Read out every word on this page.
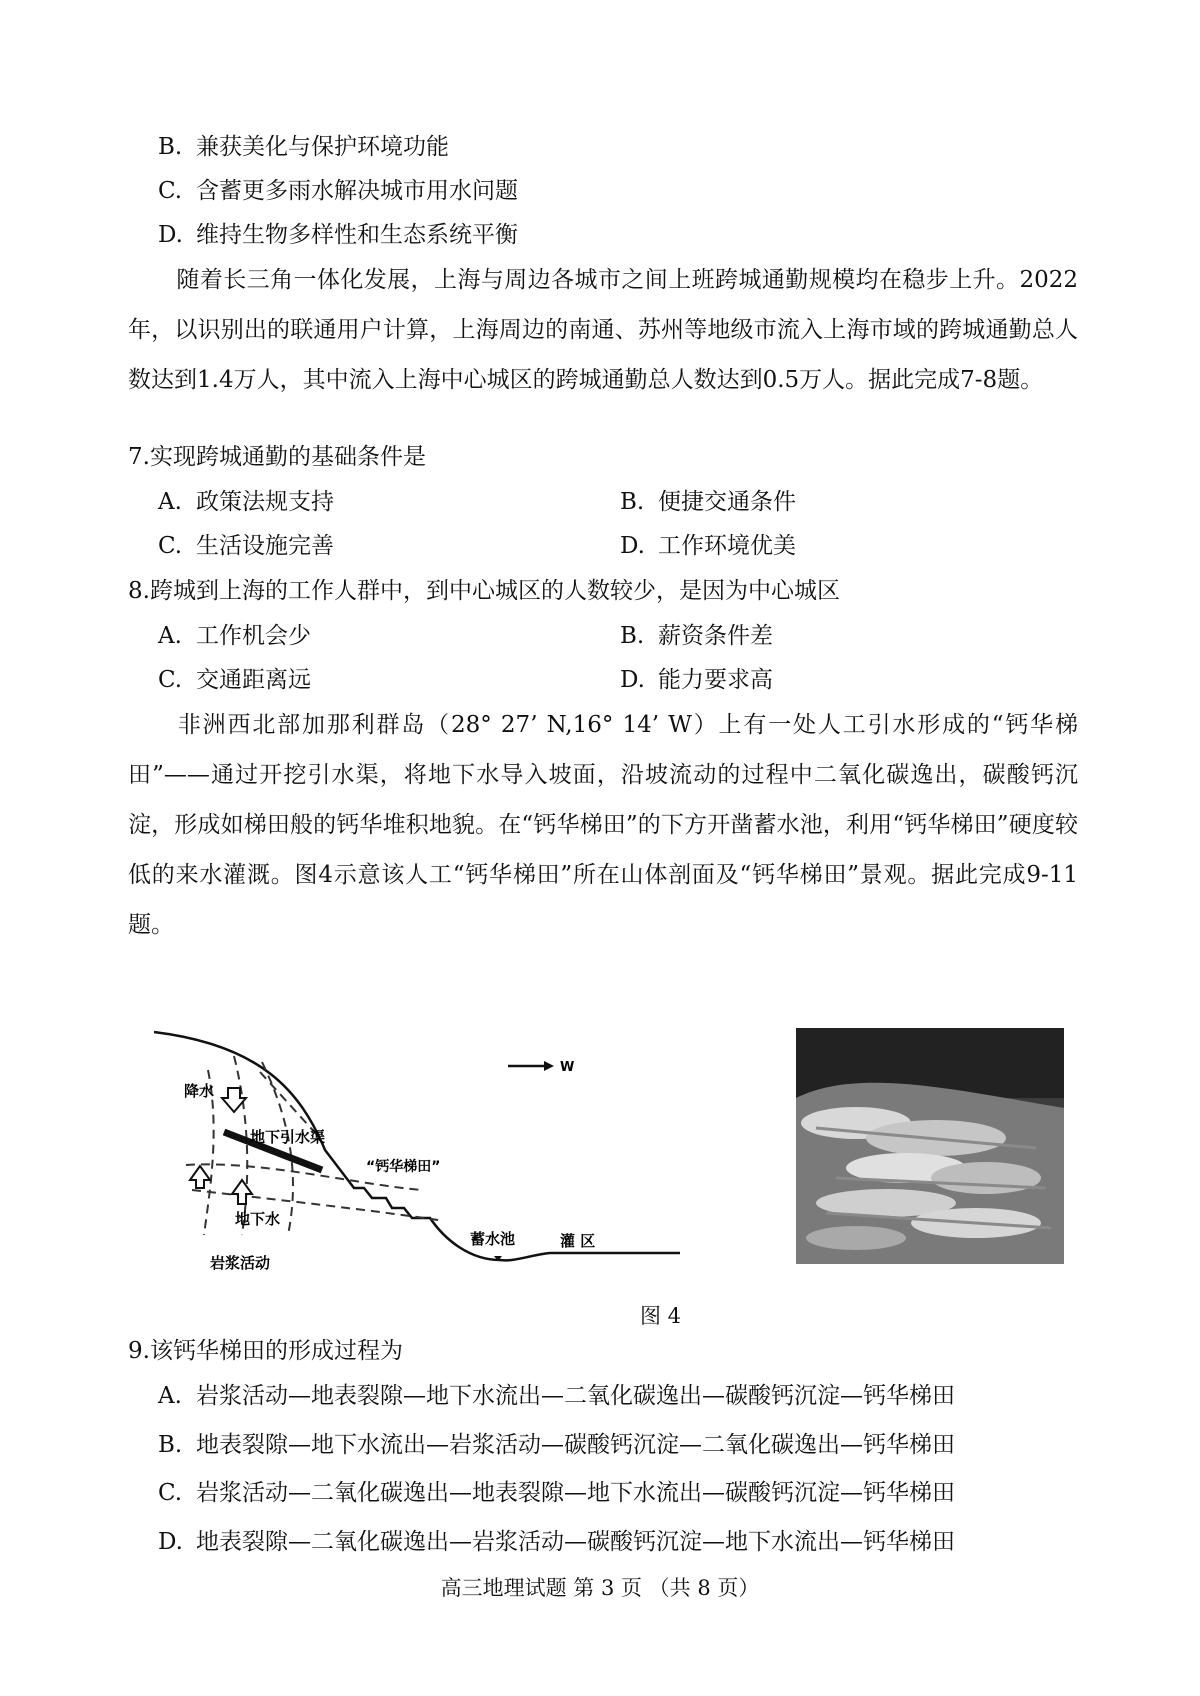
B. 兼获美化与保护环境功能
C. 含蓄更多雨水解决城市用水问题
D. 维持生物多样性和生态系统平衡
随着长三角一体化发展，上海与周边各城市之间上班跨城通勤规模均在稳步上升。2022 年，以识别出的联通用户计算，上海周边的南通、苏州等地级市流入上海市域的跨城通勤总人数达到1.4万人，其中流入上海中心城区的跨城通勤总人数达到0.5万人。据此完成7-8题。
7.实现跨城通勤的基础条件是
A. 政策法规支持	B. 便捷交通条件
C. 生活设施完善	D. 工作环境优美
8.跨城到上海的工作人群中，到中心城区的人数较少，是因为中心城区
A. 工作机会少	B. 薪资条件差
C. 交通距离远	D. 能力要求高
非洲西北部加那利群岛（28° 27’ N,16° 14’ W）上有一处人工引水形成的“钙华梯田”——通过开挖引水渠，将地下水导入坡面，沿坡流动的过程中二氧化碳逸出，碳酸钙沉淀，形成如梯田般的钙华堆积地貌。在“钙华梯田”的下方开凿蓄水池，利用“钙华梯田”硬度较低的来水灌溉。图4示意该人工“钙华梯田”所在山体剖面及“钙华梯田”景观。据此完成9-11题。
W
降水
地下引水渠
“钙华梯田”
地下水
岩浆活动
蓄水池	灌 区
图 4
9.该钙华梯田的形成过程为
A. 岩浆活动—地表裂隙—地下水流出—二氧化碳逸出—碳酸钙沉淀—钙华梯田
B. 地表裂隙—地下水流出—岩浆活动—碳酸钙沉淀—二氧化碳逸出—钙华梯田
C. 岩浆活动—二氧化碳逸出—地表裂隙—地下水流出—碳酸钙沉淀—钙华梯田
D. 地表裂隙—二氧化碳逸出—岩浆活动—碳酸钙沉淀—地下水流出—钙华梯田
高三地理试题 第 3 页 （共 8 页）
